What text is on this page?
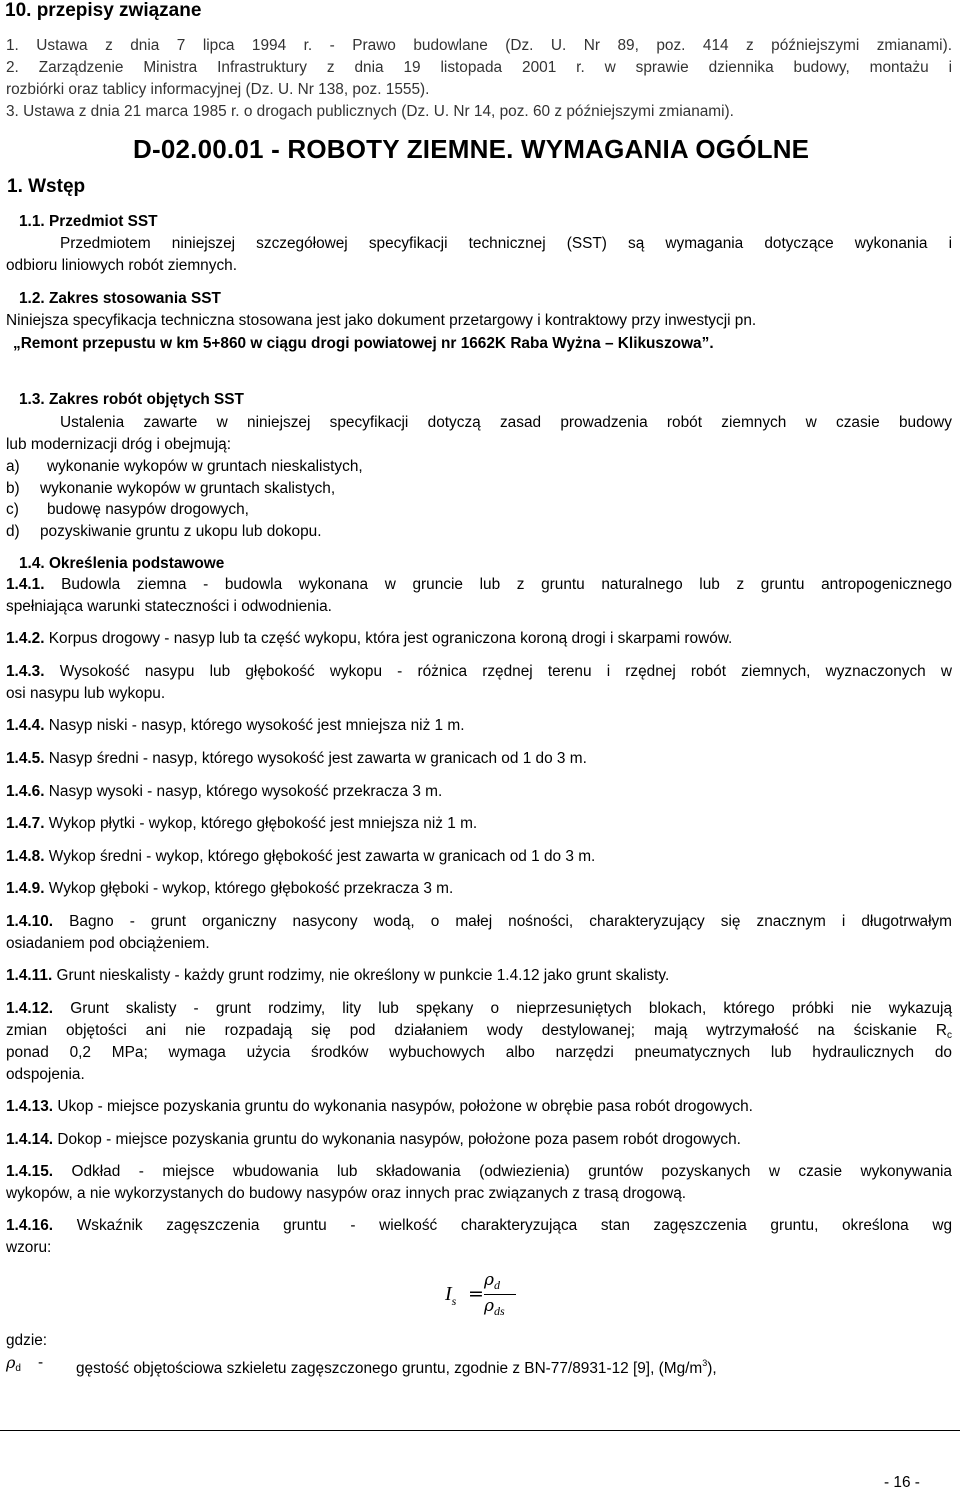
10. przepisy związane
1. Ustawa z dnia 7 lipca 1994 r. - Prawo budowlane (Dz. U. Nr 89, poz. 414 z późniejszymi zmianami).
2. Zarządzenie Ministra Infrastruktury z dnia 19 listopada 2001 r. w sprawie dziennika budowy, montażu i
rozbiórki oraz tablicy informacyjnej (Dz. U. Nr 138, poz. 1555).
3. Ustawa z dnia 21 marca 1985 r. o drogach publicznych (Dz. U. Nr 14, poz. 60 z późniejszymi zmianami).
D-02.00.01 - ROBOTY ZIEMNE. WYMAGANIA OGÓLNE
1. Wstęp
1.1. Przedmiot SST
Przedmiotem niniejszej szczegółowej specyfikacji technicznej (SST) są wymagania dotyczące wykonania i
odbioru liniowych robót ziemnych.
1.2. Zakres stosowania SST
Niniejsza specyfikacja techniczna stosowana jest jako dokument przetargowy i kontraktowy przy inwestycji pn.
„Remont przepustu w km 5+860 w ciągu drogi powiatowej nr 1662K Raba Wyżna – Klikuszowa”.
1.3. Zakres robót objętych SST
Ustalenia zawarte w niniejszej specyfikacji dotyczą zasad prowadzenia robót ziemnych w czasie budowy
lub modernizacji dróg i obejmują:
a) wykonanie wykopów w gruntach nieskalistych,
b) wykonanie wykopów w gruntach skalistych,
c) budowę nasypów drogowych,
d) pozyskiwanie gruntu z ukopu lub dokopu.
1.4. Określenia podstawowe
1.4.1. Budowla ziemna - budowla wykonana w gruncie lub z gruntu naturalnego lub z gruntu antropogenicznego
spełniająca warunki stateczności i odwodnienia.
1.4.2. Korpus drogowy - nasyp lub ta część wykopu, która jest ograniczona koroną drogi i skarpami rowów.
1.4.3. Wysokość nasypu lub głębokość wykopu - różnica rzędnej terenu i rzędnej robót ziemnych, wyznaczonych w
osi nasypu lub wykopu.
1.4.4. Nasyp niski - nasyp, którego wysokość jest mniejsza niż 1 m.
1.4.5. Nasyp średni - nasyp, którego wysokość jest zawarta w granicach od 1 do 3 m.
1.4.6. Nasyp wysoki - nasyp, którego wysokość przekracza 3 m.
1.4.7. Wykop płytki - wykop, którego głębokość jest mniejsza niż 1 m.
1.4.8. Wykop średni - wykop, którego głębokość jest zawarta w granicach od 1 do 3 m.
1.4.9. Wykop głęboki - wykop, którego głębokość przekracza 3 m.
1.4.10. Bagno - grunt organiczny nasycony wodą, o małej nośności, charakteryzujący się znacznym i długotrwałym
osiadaniem pod obciążeniem.
1.4.11. Grunt nieskalisty - każdy grunt rodzimy, nie określony w punkcie 1.4.12 jako grunt skalisty.
1.4.12. Grunt skalisty - grunt rodzimy, lity lub spękany o nieprzesuniętych blokach, którego próbki nie wykazują
zmian objętości ani nie rozpadają się pod działaniem wody destylowanej; mają wytrzymałość na ściskanie $R_c$
ponad 0,2 MPa; wymaga użycia środków wybuchowych albo narzędzi pneumatycznych lub hydraulicznych do
odspojenia.
1.4.13. Ukop - miejsce pozyskania gruntu do wykonania nasypów, położone w obrębie pasa robót drogowych.
1.4.14. Dokop - miejsce pozyskania gruntu do wykonania nasypów, położone poza pasem robót drogowych.
1.4.15. Odkład - miejsce wbudowania lub składowania (odwiezienia) gruntów pozyskanych w czasie wykonywania
wykopów, a nie wykorzystanych do budowy nasypów oraz innych prac związanych z trasą drogową.
1.4.16. Wskaźnik zagęszczenia gruntu - wielkość charakteryzująca stan zagęszczenia gruntu, określona wg
wzoru:
$I_s$ =
$\rho_d$
$\rho_{ds}$
gdzie:
$\rho_d$ - gęstość objętościowa szkieletu zagęszczonego gruntu, zgodnie z BN-77/8931-12 [9], $(Mg/m^3)$,
- 16 -
